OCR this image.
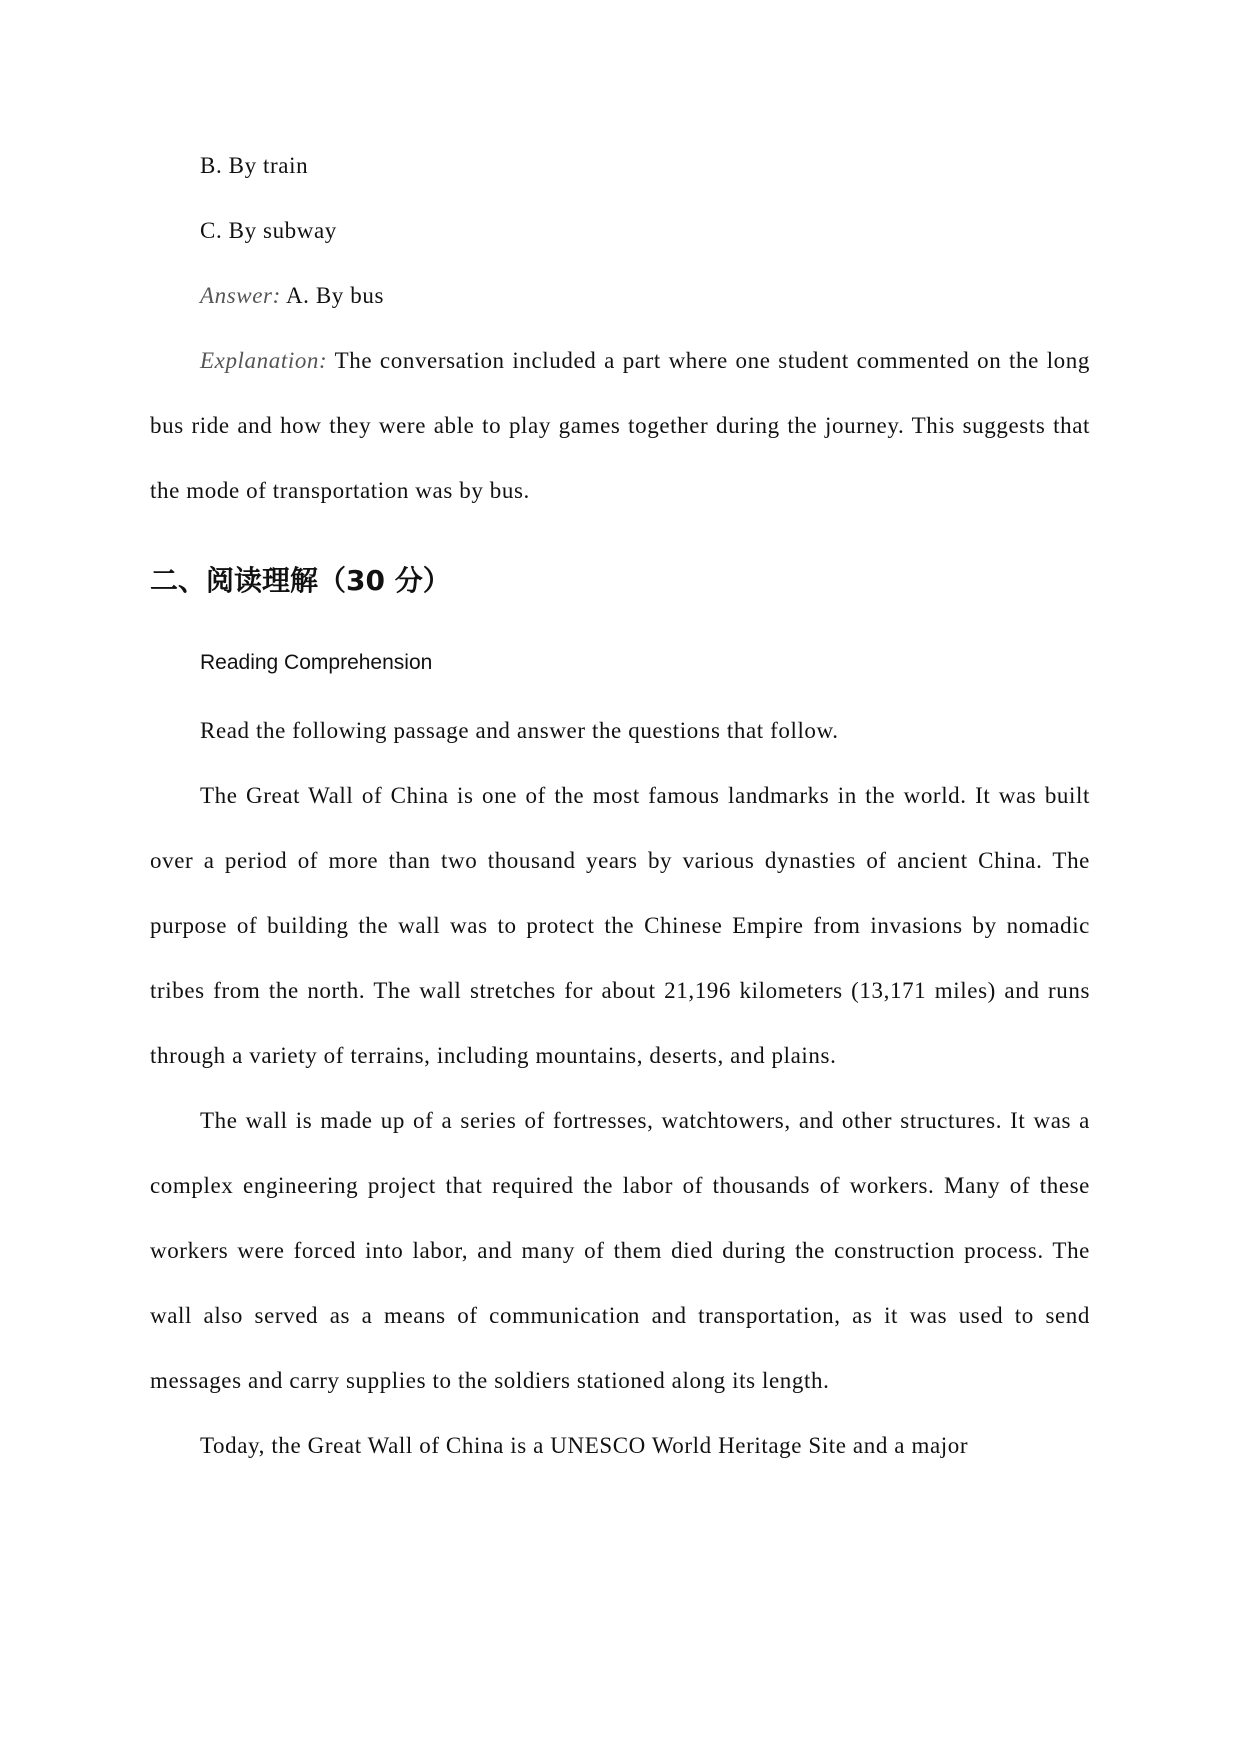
B. By train
C. By subway
Answer: A. By bus
Explanation: The conversation included a part where one student commented on the long bus ride and how they were able to play games together during the journey. This suggests that the mode of transportation was by bus.
二、阅读理解（30 分）
Reading Comprehension
Read the following passage and answer the questions that follow.
The Great Wall of China is one of the most famous landmarks in the world. It was built over a period of more than two thousand years by various dynasties of ancient China. The purpose of building the wall was to protect the Chinese Empire from invasions by nomadic tribes from the north. The wall stretches for about 21,196 kilometers (13,171 miles) and runs through a variety of terrains, including mountains, deserts, and plains.
The wall is made up of a series of fortresses, watchtowers, and other structures. It was a complex engineering project that required the labor of thousands of workers. Many of these workers were forced into labor, and many of them died during the construction process. The wall also served as a means of communication and transportation, as it was used to send messages and carry supplies to the soldiers stationed along its length.
Today, the Great Wall of China is a UNESCO World Heritage Site and a major
